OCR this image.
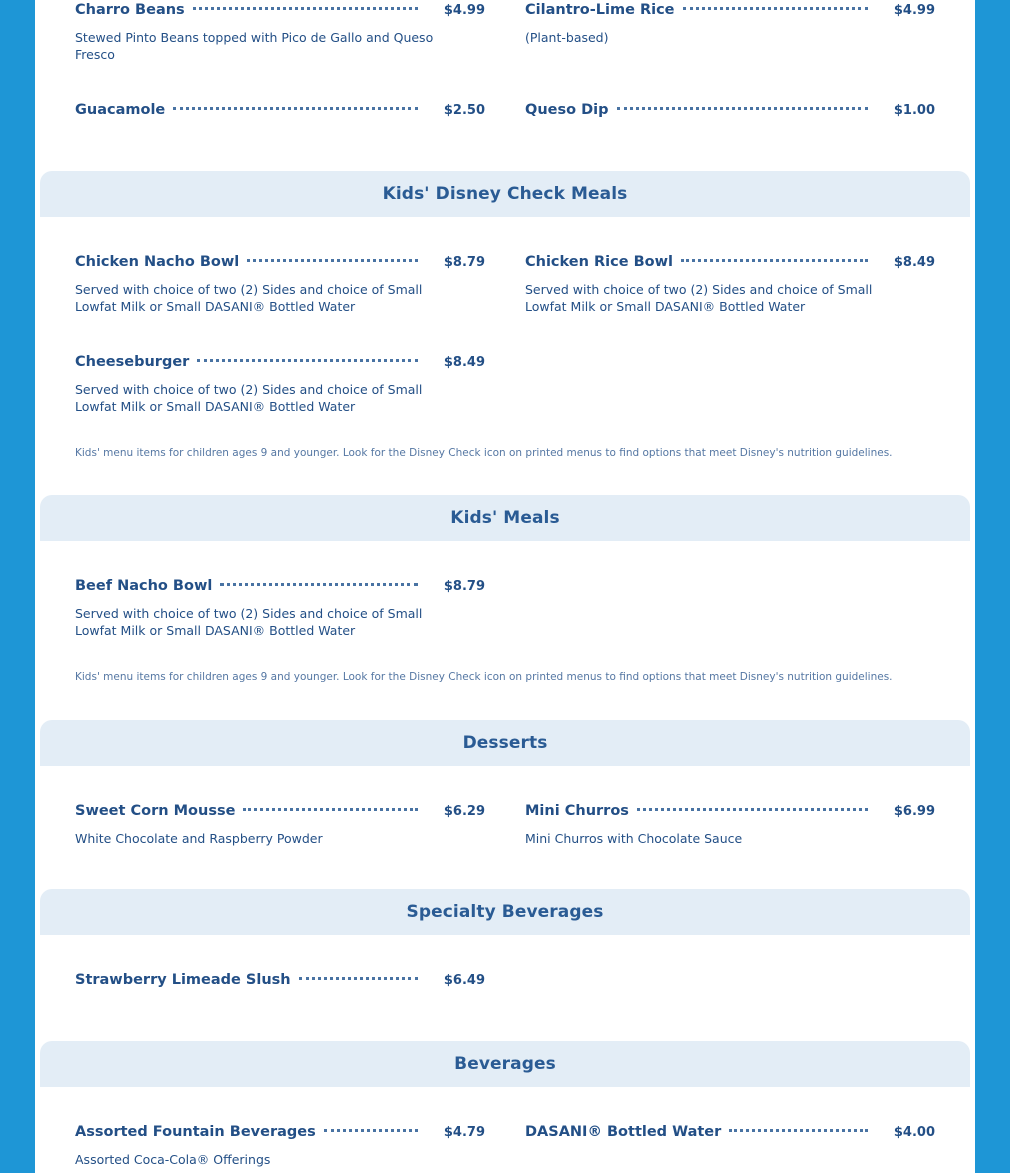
Charro Beans	$4.99
Stewed Pinto Beans topped with Pico de Gallo and Queso Fresco
Cilantro-Lime Rice	$4.99
(Plant-based)
Guacamole	$2.50	Queso Dip	$1.00
Kids' Disney Check Meals
Chicken Nacho Bowl	$8.79
Served with choice of two (2) Sides and choice of Small Lowfat Milk or Small DASANI® Bottled Water
Chicken Rice Bowl	$8.49
Served with choice of two (2) Sides and choice of Small Lowfat Milk or Small DASANI® Bottled Water
Cheeseburger	$8.49
Served with choice of two (2) Sides and choice of Small Lowfat Milk or Small DASANI® Bottled Water
Kids' menu items for children ages 9 and younger. Look for the Disney Check icon on printed menus to find options that meet Disney's nutrition guidelines.
Kids' Meals
Beef Nacho Bowl	$8.79
Served with choice of two (2) Sides and choice of Small Lowfat Milk or Small DASANI® Bottled Water
Kids' menu items for children ages 9 and younger. Look for the Disney Check icon on printed menus to find options that meet Disney's nutrition guidelines.
Desserts
Sweet Corn Mousse	$6.29
White Chocolate and Raspberry Powder
Mini Churros	$6.99
Mini Churros with Chocolate Sauce
Specialty Beverages
Strawberry Limeade Slush	$6.49
Beverages
Assorted Fountain Beverages	$4.79
Assorted Coca-Cola® Offerings
DASANI® Bottled Water	$4.00
